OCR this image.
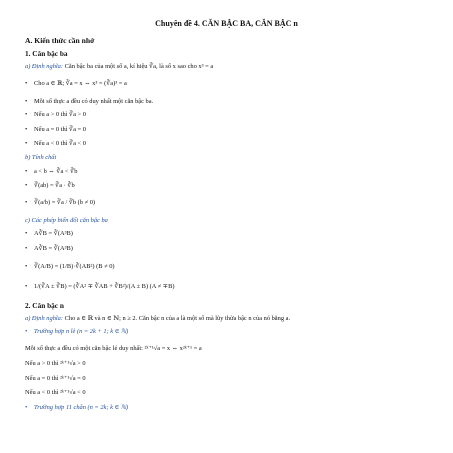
Chuyên đề 4. CĂN BẬC BA, CĂN BẬC n
A. Kiến thức cần nhớ
1. Căn bậc ba
a) Định nghĩa: Căn bậc ba của một số a, kí hiệu ∛a, là số x sao cho x³ = a
• Cho a ∈ ℝ; ∛a = x ⇔ x³ = (∛a)³ = a
• Mỗi số thực a đều có duy nhất một căn bậc ba.
• Nếu a > 0 thì ∛a > 0
• Nếu a = 0 thì ∛a = 0
• Nếu a < 0 thì ∛a < 0
b) Tính chất
• a < b ⇔ ∛a < ∛b
• ∛(ab) = ∛a · ∛b
• ∛(a/b) = ∛a / ∛b (b ≠ 0)
c) Các phép biến đổi căn bậc ba
• A∛B = ∛(A³B)
• A∛B = ∛(A³B)
• ∛(A/B) = (1/B)·∛(AB²) (B ≠ 0)
• 1/(∛A ± ∛B) = (∛A² ∓ ∛AB + ∛B²)/(A ± B) (A ≠ ∓B)
2. Căn bậc n
a) Định nghĩa: Cho a ∈ ℝ và n ∈ ℕ; n ≥ 2. Căn bậc n của a là một số mà lũy thừa bậc n của nó bằng a.
• Trường hợp n lẻ (n = 2k + 1; k ∈ ℕ)
Mỗi số thực a đều có một căn bậc lẻ duy nhất: ²ᵏ⁺¹√a = x ⇔ x²ᵏ⁺¹ = a
Nếu a > 0 thì ²ᵏ⁺¹√a > 0
Nếu a = 0 thì ²ᵏ⁺¹√a = 0
Nếu a < 0 thì ²ᵏ⁺¹√a < 0
• Trường hợp 11 chẵn (n = 2k; k ∈ ℕ)
